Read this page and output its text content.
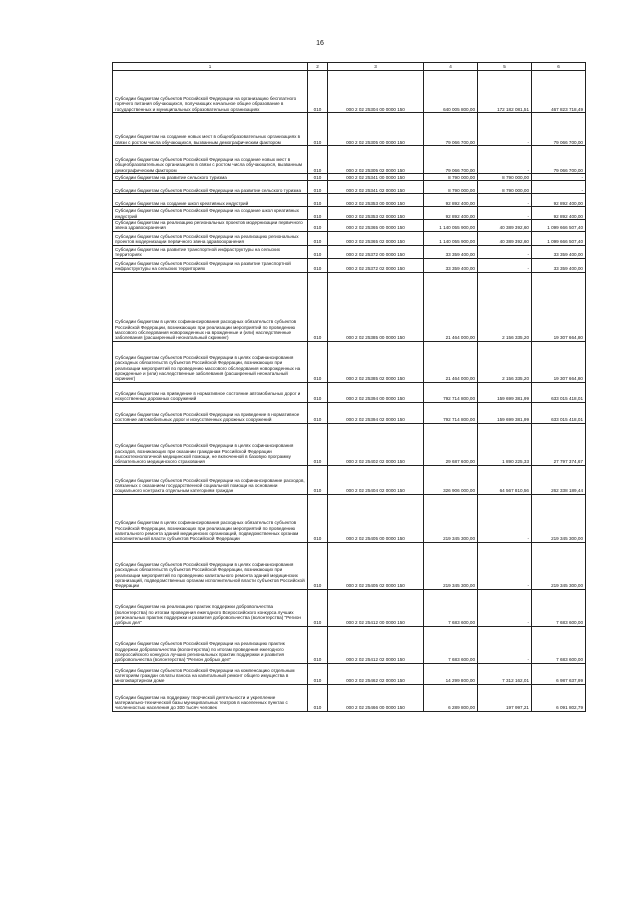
16
1	2	3	4	5	6
Субсидии бюджетам субъектов Российской Федерации на организацию бесплатного горячего питания обучающихся, получающих начальное общее образование в государственных и муниципальных образовательных организациях	010	000 2 02 25304 00 0000 150	640 005 800,00	172 182 081,51	467 823 718,49
Субсидии бюджетам на создание новых мест в общеобразовательных организациях в связи с ростом числа обучающихся, вызванным демографическим фактором	010	000 2 02 25305 00 0000 150	79 066 700,00	-	79 066 700,00
Субсидии бюджетам субъектов Российской Федерации на создание новых мест в общеобразовательных организациях в связи с ростом числа обучающихся, вызванным демографическим фактором	010	000 2 02 25305 02 0000 150	79 066 700,00	-	79 066 700,00
Субсидии бюджетам на развитие сельского туризма	010	000 2 02 25341 00 0000 150	8 790 000,00	8 790 000,00	-
Субсидии бюджетам субъектов Российской Федерации на развитие сельского туризма	010	000 2 02 25341 02 0000 150	8 790 000,00	8 790 000,00	-
Субсидии бюджетам на создание школ креативных индустрий	010	000 2 02 25353 00 0000 150	92 892 400,00	-	92 892 400,00
Субсидии бюджетам субъектов Российской Федерации на создание школ креативных индустрий	010	000 2 02 25353 02 0000 150	92 892 400,00	-	92 892 400,00
Субсидии бюджетам на реализацию региональных проектов модернизации первичного звена здравоохранения	010	000 2 02 25365 00 0000 150	1 140 055 900,00	40 389 392,60	1 099 666 507,40
Субсидии бюджетам субъектов Российской Федерации на реализацию региональных проектов модернизации первичного звена здравоохранения	010	000 2 02 25365 02 0000 150	1 140 055 900,00	40 389 392,60	1 099 666 507,40
Субсидии бюджетам на развитие транспортной инфраструктуры на сельских территориях	010	000 2 02 25372 00 0000 150	33 359 400,00	-	33 359 400,00
Субсидии бюджетам субъектов Российской Федерации на развитие транспортной инфраструктуры на сельских территориях	010	000 2 02 25372 02 0000 150	33 359 400,00	-	33 359 400,00
Субсидии бюджетам в целях софинансирования расходных обязательств субъектов Российской Федерации, возникающих при реализации мероприятий по проведению массового обследования новорожденных на врожденные и (или) наследственные заболевания (расширенный неонатальный скрининг)	010	000 2 02 25385 00 0000 150	21 464 000,00	2 156 335,20	19 307 664,80
Субсидии бюджетам субъектов Российской Федерации в целях софинансирования расходных обязательств субъектов Российской Федерации, возникающих при реализации мероприятий по проведению массового обследования новорожденных на врожденные и (или) наследственные заболевания (расширенный неонатальный скрининг)	010	000 2 02 25385 02 0000 150	21 464 000,00	2 156 335,20	19 307 664,80
Субсидии бюджетам на приведение в нормативное состояние автомобильных дорог и искусственных дорожных сооружений	010	000 2 02 25394 00 0000 150	792 714 800,00	159 699 381,99	633 015 418,01
Субсидии бюджетам субъектов Российской Федерации на приведение в нормативное состояние автомобильных дорог и искусственных дорожных сооружений	010	000 2 02 25394 02 0000 150	792 714 800,00	159 699 381,99	633 015 418,01
Субсидии бюджетам субъектов Российской Федерации в целях софинансирования расходов, возникающих при оказании гражданам Российской Федерации высокотехнологичной медицинской помощи, не включенной в базовую программу обязательного медицинского страхования	010	000 2 02 25402 02 0000 150	29 687 600,00	1 890 225,33	27 797 374,67
Субсидии бюджетам субъектов Российской Федерации на софинансирование расходов, связанных с оказанием государственной социальной помощи на основании социального контракта отдельным категориям граждан	010	000 2 02 25404 02 0000 150	326 906 000,00	64 567 810,56	262 338 189,44
Субсидии бюджетам в целях софинансирования расходных обязательств субъектов Российской Федерации, возникающих при реализации мероприятий по проведению капитального ремонта зданий медицинских организаций, подведомственных органам исполнительной власти субъектов Российской Федерации	010	000 2 02 25405 00 0000 150	219 345 300,00	-	219 345 300,00
Субсидии бюджетам субъектов Российской Федерации в целях софинансирования расходных обязательств субъектов Российской Федерации, возникающих при реализации мероприятий по проведению капитального ремонта зданий медицинских организаций, подведомственных органам исполнительной власти субъектов Российской Федерации	010	000 2 02 25405 02 0000 150	219 345 300,00	-	219 345 300,00
Субсидии бюджетам на реализацию практик поддержки добровольчества (волонтерства) по итогам проведения ежегодного Всероссийского конкурса лучших региональных практик поддержки и развития добровольчества (волонтерства) "Регион добрых дел"	010	000 2 02 25412 00 0000 150	7 683 600,00	-	7 683 600,00
Субсидии бюджетам субъектов Российской Федерации на реализацию практик поддержки добровольчества (волонтерства) по итогам проведения ежегодного Всероссийского конкурса лучших региональных практик поддержки и развития добровольчества (волонтерства) "Регион добрых дел"	010	000 2 02 25412 02 0000 150	7 683 600,00	-	7 683 600,00
Субсидии бюджетам субъектов Российской Федерации на компенсацию отдельным категориям граждан оплаты взноса на капитальный ремонт общего имущества в многоквартирном доме	010	000 2 02 25462 02 0000 150	14 299 800,00	7 312 162,01	6 987 637,99
Субсидии бюджетам на поддержку творческой деятельности и укрепление материально-технической базы муниципальных театров в населенных пунктах с численностью населения до 300 тысяч человек	010	000 2 02 25466 00 0000 150	6 289 800,00	197 997,21	6 091 802,79
